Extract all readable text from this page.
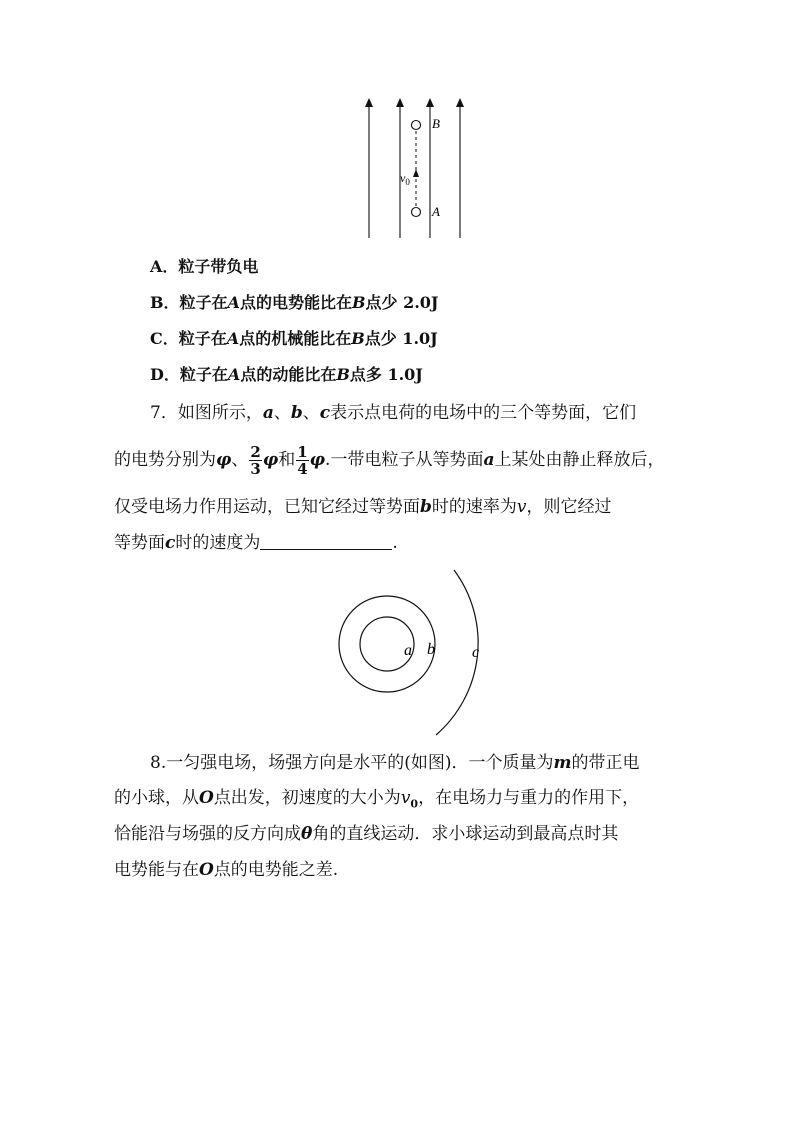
B
A
$v_0$
A．粒子带负电
B．粒子在A点的电势能比在B点少 2.0J
C．粒子在A点的机械能比在B点少 1.0J
D．粒子在A点的动能比在B点多 1.0J
7．如图所示，a、b、c表示点电荷的电场中的三个等势面，它们
的电势分别为φ、 $\frac{2}{3}$ φ和 $\frac{1}{4} \varphi$.一带电粒子从等势面a上某处由静止释放后，
仅受电场力作用运动，已知它经过等势面b时的速率为v，则它经过
等势面c时的速度为	.
a b c
8.一匀强电场，场强方向是水平的(如图)．一个质量为m的带正电
的小球，从O点出发，初速度的大小为$v_0$，在电场力与重力的作用下，
恰能沿与场强的反方向成θ角的直线运动．求小球运动到最高点时其
电势能与在O点的电势能之差.
